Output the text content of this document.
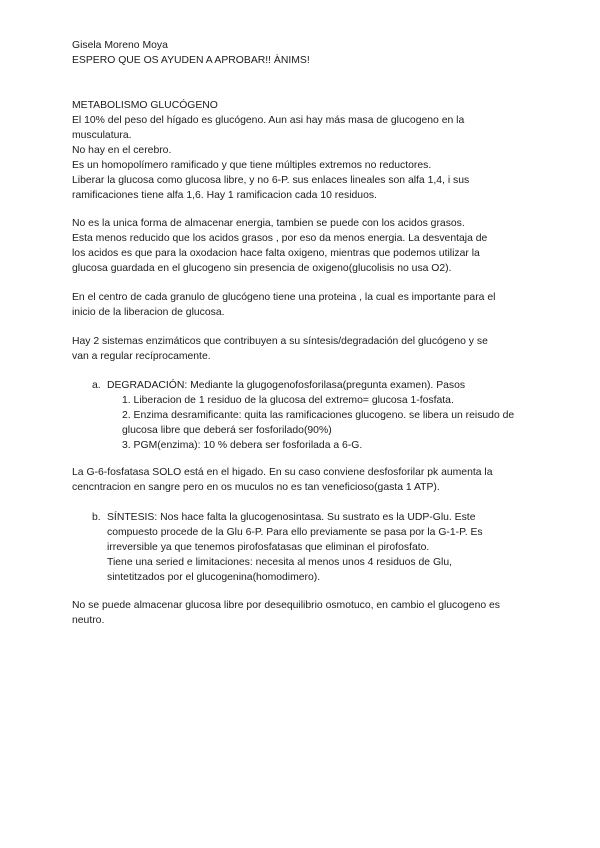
Gisela Moreno Moya
ESPERO QUE OS AYUDEN A APROBAR!! ÀNIMS!
METABOLISMO GLUCÓGENO
El 10% del peso del hígado es glucógeno. Aun asi hay más masa de glucogeno en la
musculatura.
No hay en el cerebro.
Es un homopolímero ramificado y que tiene múltiples extremos no reductores.
Liberar la glucosa como glucosa libre, y no 6-P. sus enlaces lineales son alfa 1,4, i sus
ramificaciones tiene alfa 1,6. Hay 1 ramificacion cada 10 residuos.
No es la unica forma de almacenar energia, tambien se puede con los acidos grasos.
Esta menos reducido que los acidos grasos , por eso da menos energia. La desventaja de
los acidos es que para la oxodacion hace falta oxigeno, mientras que podemos utilizar la
glucosa guardada en el glucogeno sin presencia de oxigeno(glucolisis no usa O2).
En el centro de cada granulo de glucógeno tiene una proteina , la cual es importante para el
inicio de la liberacion de glucosa.
Hay 2 sistemas enzimáticos que contribuyen a su síntesis/degradación del glucógeno y se
van a regular recíprocamente.
a. DEGRADACIÓN: Mediante la glugogenofosforilasa(pregunta examen). Pasos
1. Liberacion de 1 residuo de la glucosa del extremo= glucosa 1-fosfata.
2. Enzima desramificante: quita las ramificaciones glucogeno. se libera un reisudo de
glucosa libre que deberá ser fosforilado(90%)
3. PGM(enzima): 10 % debera ser fosforilada a 6-G.
La G-6-fosfatasa SOLO está en el higado. En su caso conviene desfosforilar pk aumenta la
cencntracion en sangre pero en os muculos no es tan veneficioso(gasta 1 ATP).
b. SÍNTESIS: Nos hace falta la glucogenosintasa. Su sustrato es la UDP-Glu. Este
compuesto procede de la Glu 6-P. Para ello previamente se pasa por la G-1-P. Es
irreversible ya que tenemos pirofosfatasas que eliminan el pirofosfato.
Tiene una seried e limitaciones: necesita al menos unos 4 residuos de Glu,
sintetitzados por el glucogenina(homodimero).
No se puede almacenar glucosa libre por desequilibrio osmotuco, en cambio el glucogeno es
neutro.
